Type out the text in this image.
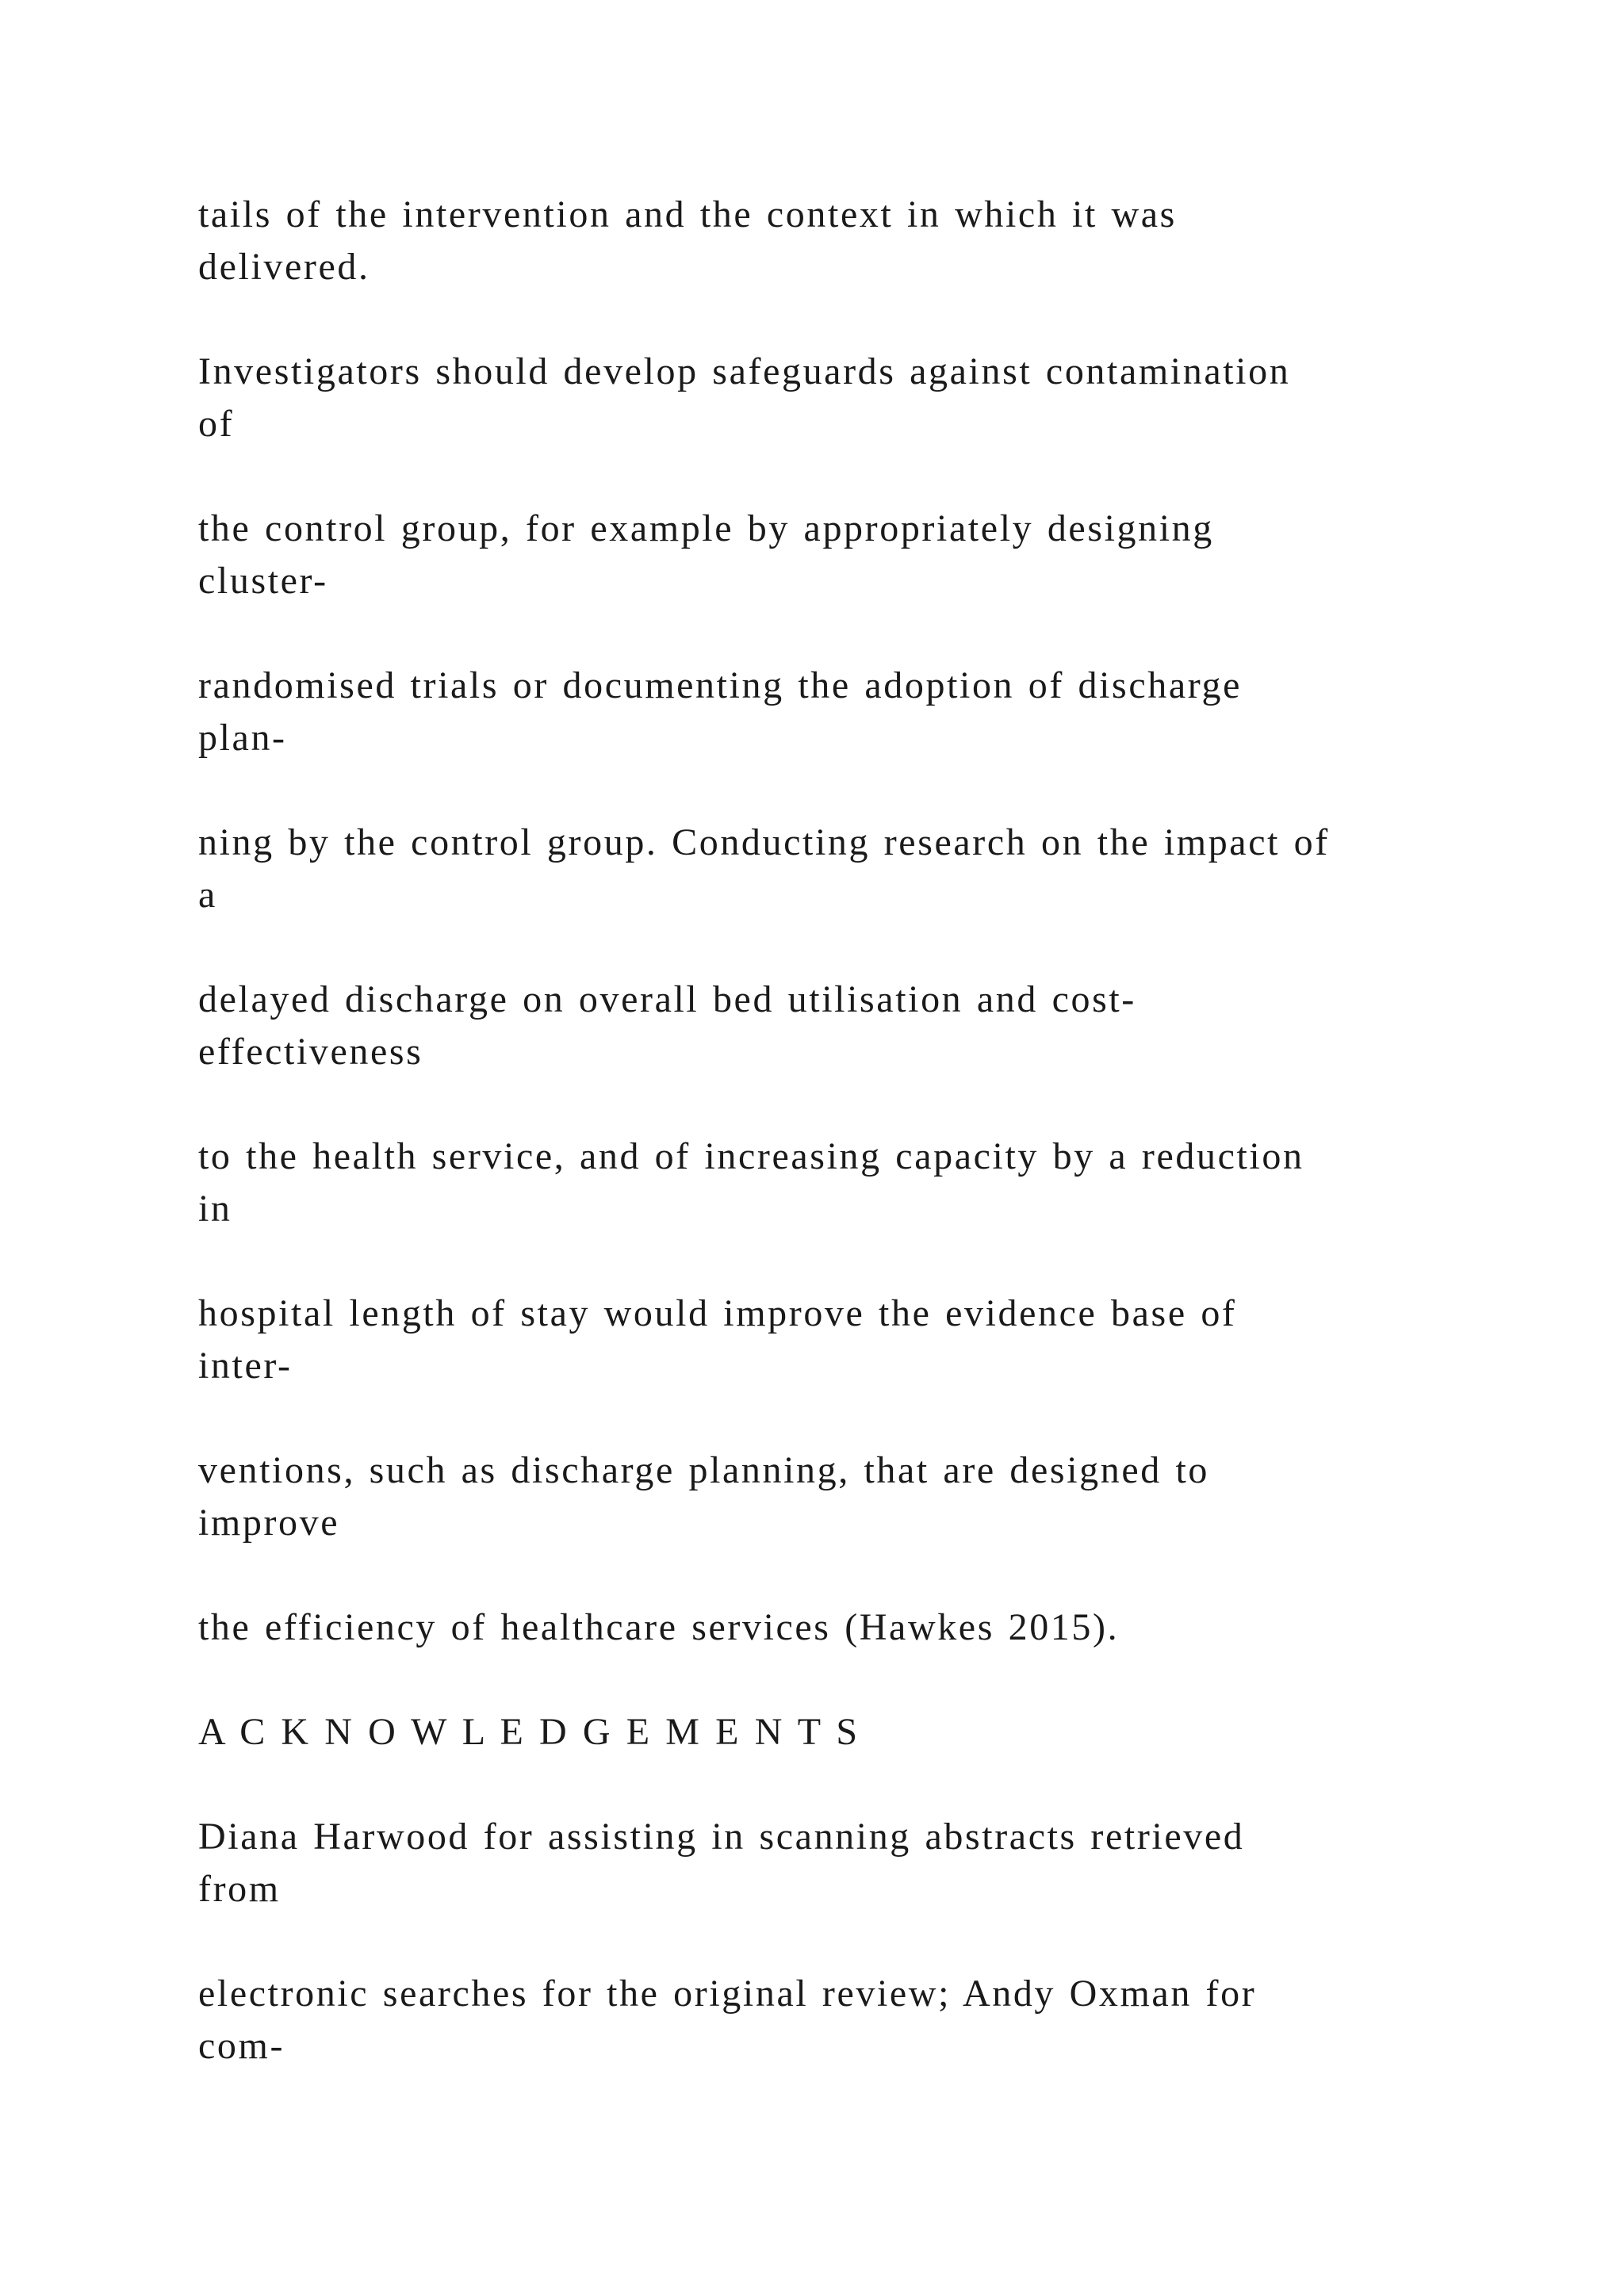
tails of the intervention and the context in which it was
delivered.

Investigators should develop safeguards against contamination
of

the control group, for example by appropriately designing
cluster-

randomised trials or documenting the adoption of discharge
plan-

ning by the control group. Conducting research on the impact of
a

delayed discharge on overall bed utilisation and cost-
effectiveness

to the health service, and of increasing capacity by a reduction
in

hospital length of stay would improve the evidence base of
inter-

ventions, such as discharge planning, that are designed to
improve

the efficiency of healthcare services (Hawkes 2015).

A C K N O W L E D G E M E N T S

Diana Harwood for assisting in scanning abstracts retrieved
from

electronic searches for the original review; Andy Oxman for
com-
